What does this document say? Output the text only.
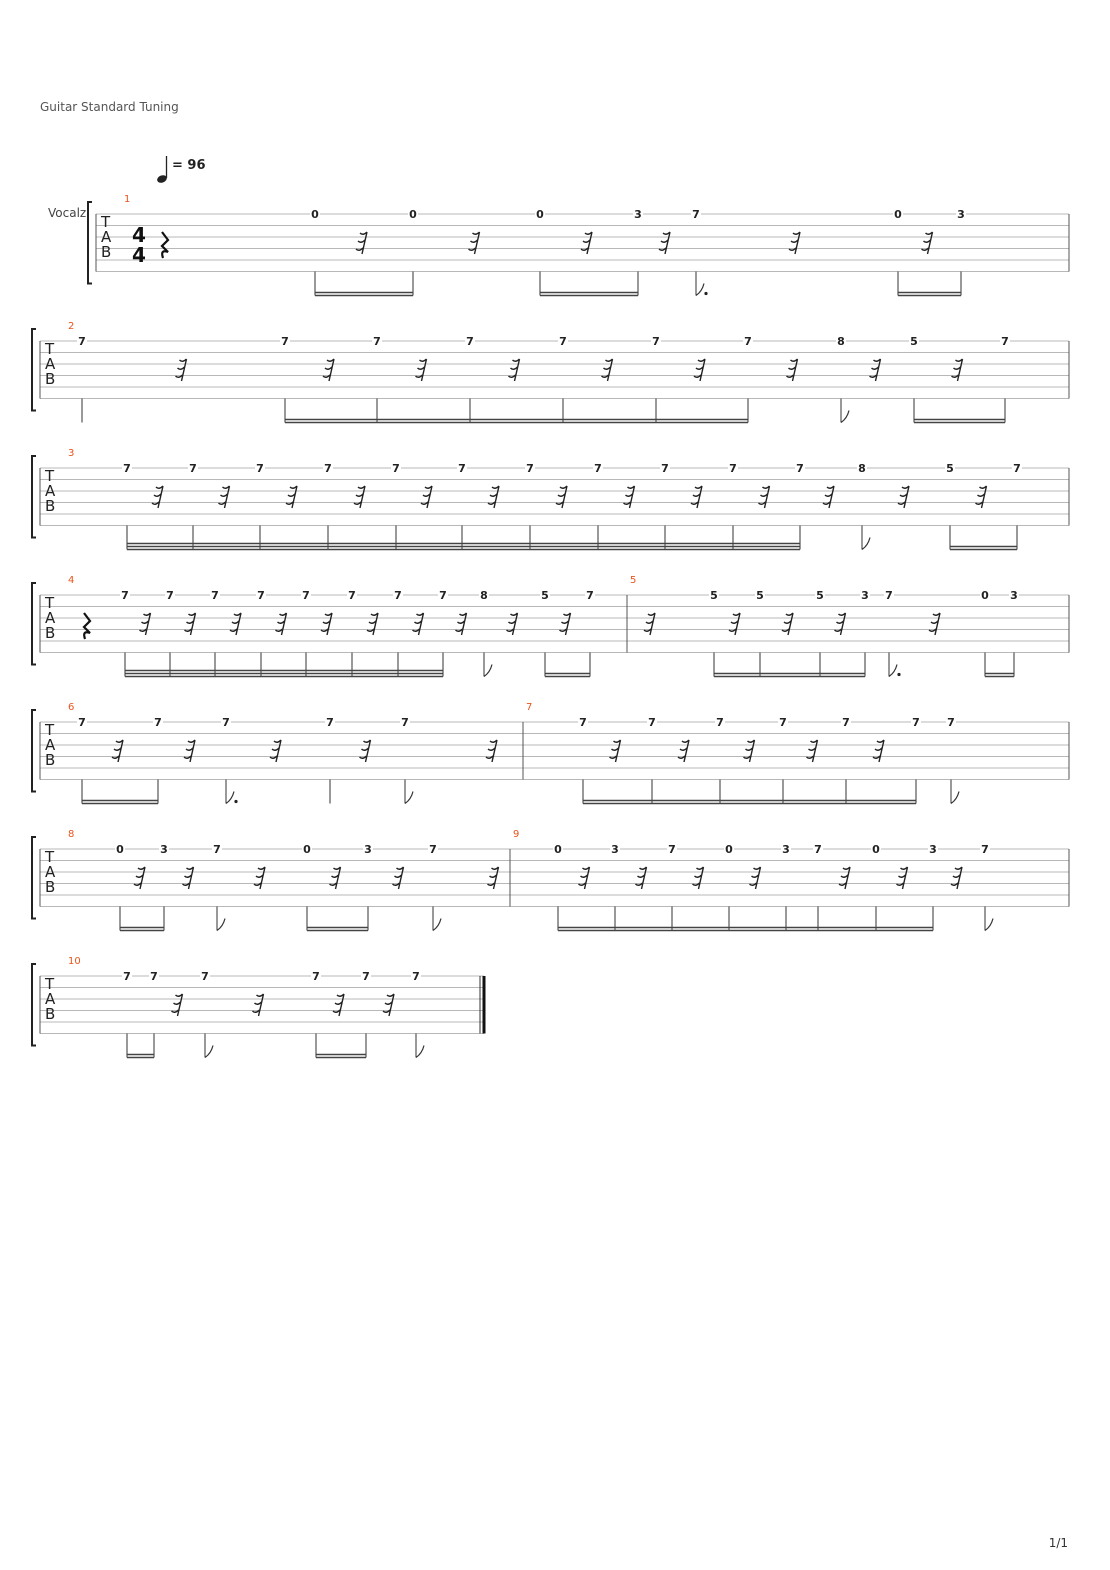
Guitar Standard Tuning
= 96
Vocalz T
A
B
4
4
1
0	0	0	3	7	0	3
T
A
B
2
7	7	7	7	7	7	7	8	5	7
T
A
B
3
7	7	7	7	7	7	7	7	7	7	7	8	5	7
T
A
B
4	5
7	7	7	7	7	7	7	7	8	5	7	5	5	5	3 7	0 3
T
A
B
6	7
7	7	7	7	7	7	7	7	7	7	7 7
T
A
B
8	9
0	3	7	0	3	7	0	3	7	0	3 7	0	3	7
T
A
B
10
7 7	7	7	7	7
1/1
